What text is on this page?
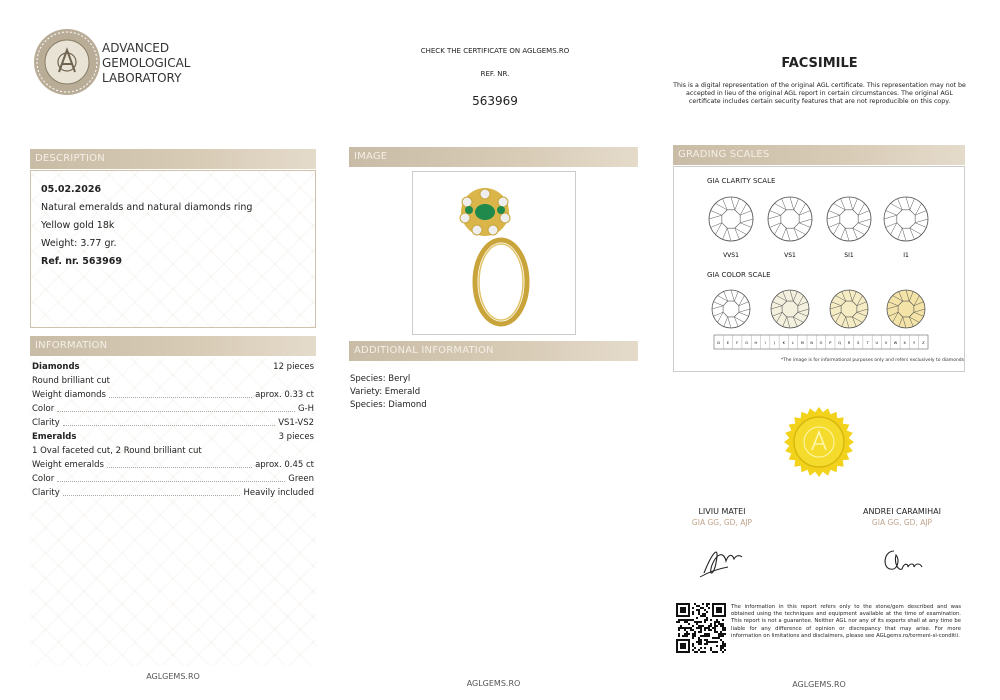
ADVANCED
GEMOLOGICAL
LABORATORY
CHECK THE CERTIFICATE ON AGLGEMS.RO
REF. NR.
563969
FACSIMILE
This is a digital representation of the original AGL certificate. This representation may not be accepted in lieu of the original AGL report in certain circumstances. The original AGL certificate includes certain security features that are not reproducible on this copy.
DESCRIPTION
05.02.2026
Natural emeralds and natural diamonds ring
Yellow gold 18k
Weight: 3.77 gr.
Ref. nr. 563969
INFORMATION
Diamonds	12 pieces
Round brilliant cut
Weight diamonds	aprox. 0.33 ct
Color	G-H
Clarity	VS1-VS2
Emeralds	3 pieces
1 Oval faceted cut, 2 Round brilliant cut
Weight emeralds	aprox. 0.45 ct
Color	Green
Clarity	Heavily included
IMAGE
ADDITIONAL INFORMATION
Species: Beryl
Variety: Emerald
Species: Diamond
GRADING SCALES
GIA CLARITY SCALE
GIA COLOR SCALE
VVS1	VS1	SI1	I1
D E F G H I J K L M N O P Q R S T U V W X Y Z
*The image is for informational purposes only and refers exclusively to diamonds
LIVIU MATEI
GIA GG, GD, AJP
ANDREI CARAMIHAI
GIA GG, GD, AJP
The information in this report refers only to the stone/gem described and was obtained using the techniques and equipment available at the time of examination. This report is not a guarantee. Neither AGL nor any of its experts shall at any time be liable for any difference of opinion or discrepancy that may arise. For more information on limitations and disclaimers, please see AGLgems.ro/termeni-si-conditii.
AGLGEMS.RO
AGLGEMS.RO	AGLGEMS.RO
